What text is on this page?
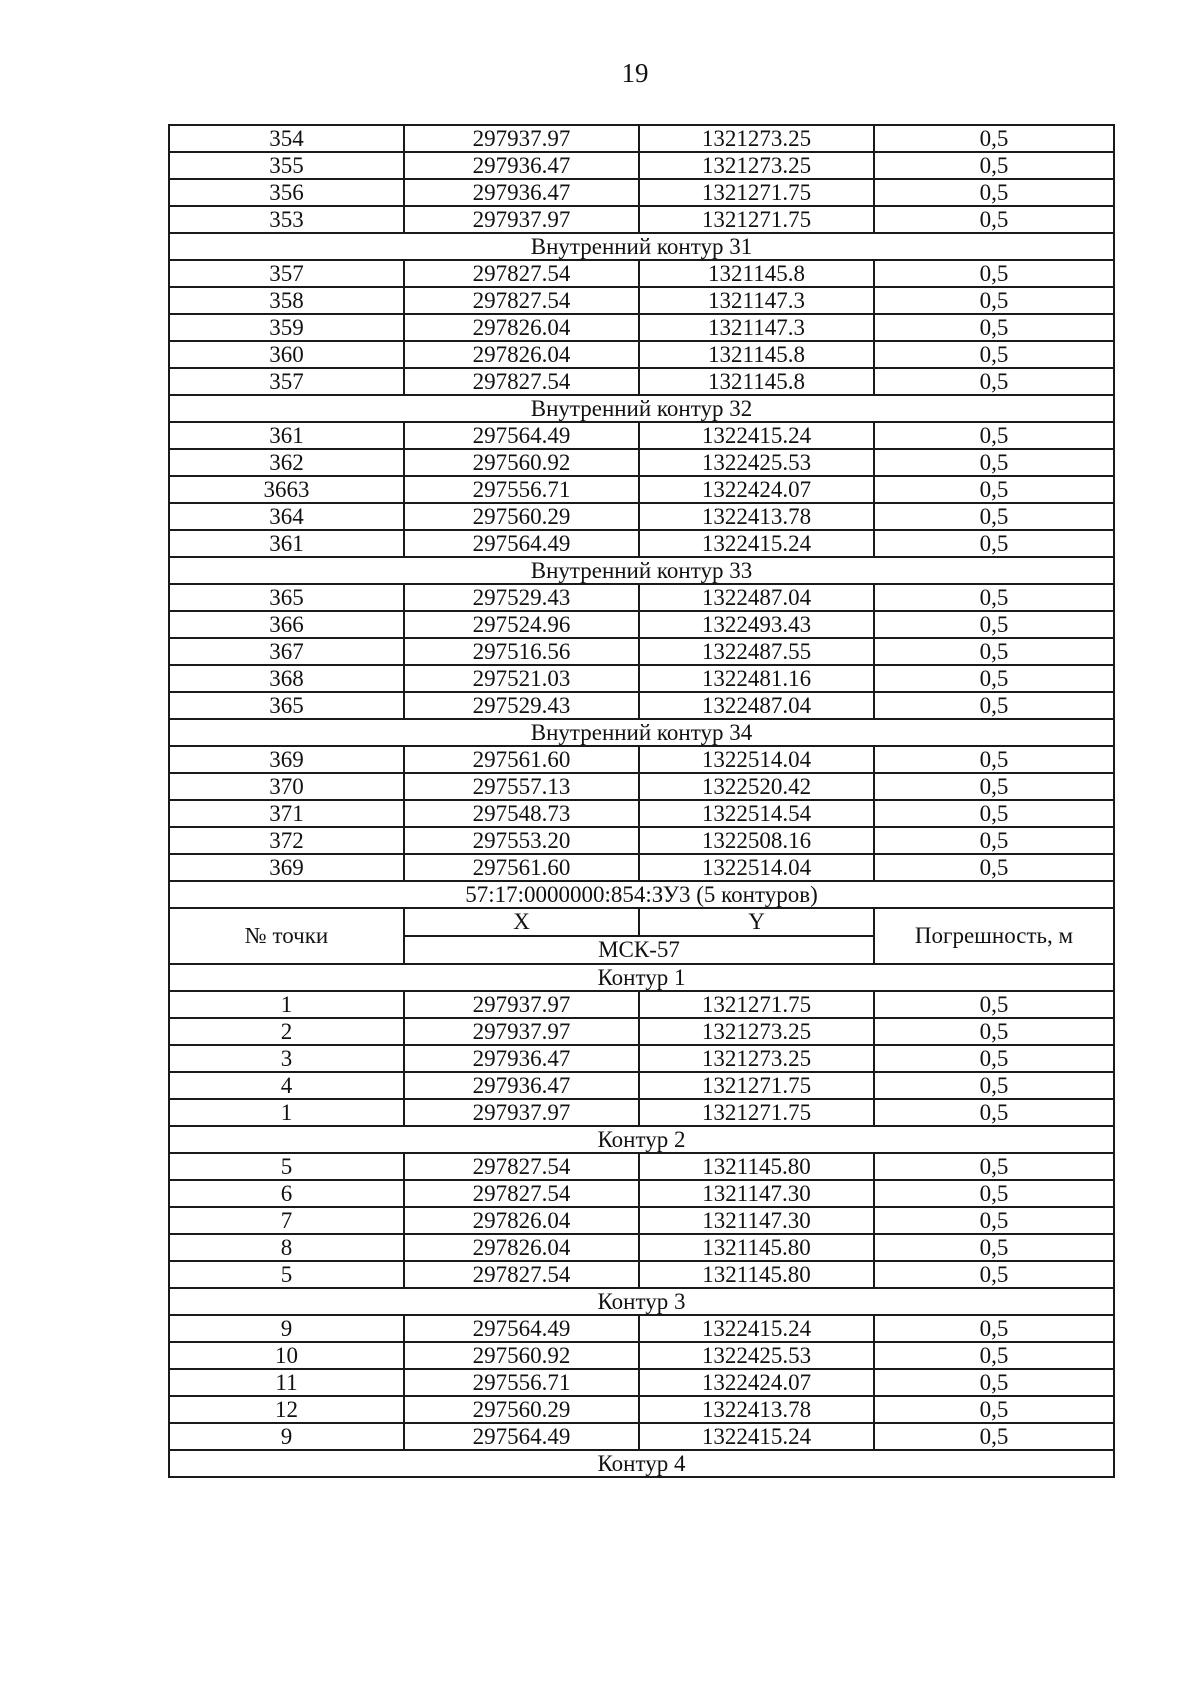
19
354	297937.97	1321273.25	0,5
355	297936.47	1321273.25	0,5
356	297936.47	1321271.75	0,5
353	297937.97	1321271.75	0,5
Внутренний контур 31			
357	297827.54	1321145.8	0,5
358	297827.54	1321147.3	0,5
359	297826.04	1321147.3	0,5
360	297826.04	1321145.8	0,5
357	297827.54	1321145.8	0,5
Внутренний контур 32			
361	297564.49	1322415.24	0,5
362	297560.92	1322425.53	0,5
3663	297556.71	1322424.07	0,5
364	297560.29	1322413.78	0,5
361	297564.49	1322415.24	0,5
Внутренний контур 33			
365	297529.43	1322487.04	0,5
366	297524.96	1322493.43	0,5
367	297516.56	1322487.55	0,5
368	297521.03	1322481.16	0,5
365	297529.43	1322487.04	0,5
Внутренний контур 34			
369	297561.60	1322514.04	0,5
370	297557.13	1322520.42	0,5
371	297548.73	1322514.54	0,5
372	297553.20	1322508.16	0,5
369	297561.60	1322514.04	0,5
57:17:0000000:854:ЗУ3 (5 контуров)			
№ точки	X	Y	Погрешность, м
	МСК-57		
Контур 1			
1	297937.97	1321271.75	0,5
2	297937.97	1321273.25	0,5
3	297936.47	1321273.25	0,5
4	297936.47	1321271.75	0,5
1	297937.97	1321271.75	0,5
Контур 2			
5	297827.54	1321145.80	0,5
6	297827.54	1321147.30	0,5
7	297826.04	1321147.30	0,5
8	297826.04	1321145.80	0,5
5	297827.54	1321145.80	0,5
Контур 3			
9	297564.49	1322415.24	0,5
10	297560.92	1322425.53	0,5
11	297556.71	1322424.07	0,5
12	297560.29	1322413.78	0,5
9	297564.49	1322415.24	0,5
Контур 4			
